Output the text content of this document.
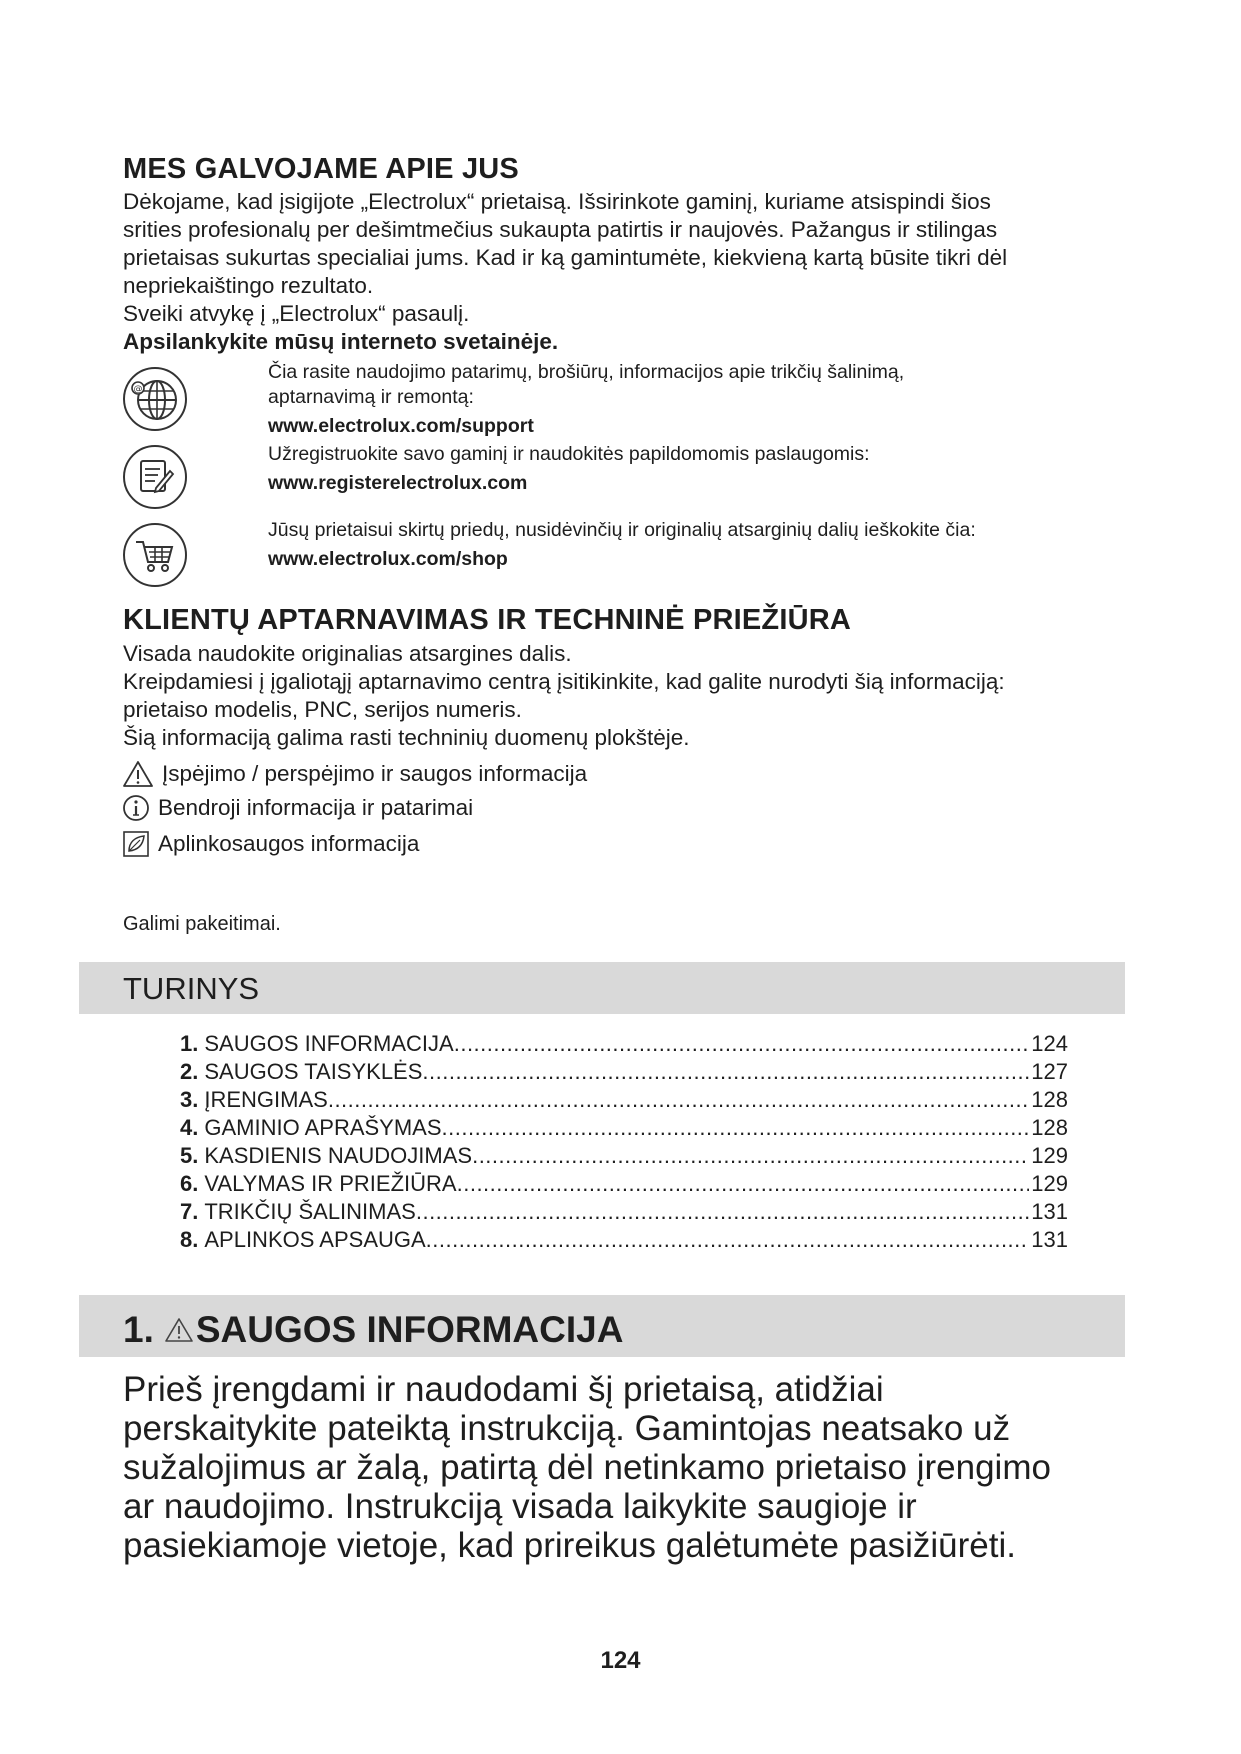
MES GALVOJAME APIE JUS

Dėkojame, kad įsigijote „Electrolux“ prietaisą. Išsirinkote gaminį, kuriame atsispindi šios

srities profesionalų per dešimtmečius sukaupta patirtis ir naujovės. Pažangus ir stilingas

prietaisas sukurtas specialiai jums. Kad ir ką gamintumėte, kiekvieną kartą būsite tikri dėl

nepriekaištingo rezultato.

Sveiki atvykę į „Electrolux“ pasaulį.

Apsilankykite mūsų interneto svetainėje.

@

Čia rasite naudojimo patarimų, brošiūrų, informacijos apie trikčių šalinimą,

aptarnavimą ir remontą:

www.electrolux.com/support

Užregistruokite savo gaminį ir naudokitės papildomomis paslaugomis:

www.registerelectrolux.com

Jūsų prietaisui skirtų priedų, nusidėvinčių ir originalių atsarginių dalių ieškokite čia:

www.electrolux.com/shop

KLIENTŲ APTARNAVIMAS IR TECHNINĖ PRIEŽIŪRA

Visada naudokite originalias atsargines dalis.

Kreipdamiesi į įgaliotąjį aptarnavimo centrą įsitikinkite, kad galite nurodyti šią informaciją:

prietaiso modelis, PNC, serijos numeris.

Šią informaciją galima rasti techninių duomenų plokštėje.

Įspėjimo / perspėjimo ir saugos informacija
Bendroji informacija ir patarimai
Aplinkosaugos informacija

Galimi pakeitimai.

TURINYS
1. SAUGOS INFORMACIJA .....	124
2. SAUGOS TAISYKLĖS .....	127
3. ĮRENGIMAS .....	128
4. GAMINIO APRAŠYMAS .....	128
5. KASDIENIS NAUDOJIMAS .....	129
6. VALYMAS IR PRIEŽIŪRA .....	129
7. TRIKČIŲ ŠALINIMAS .....	131
8. APLINKOS APSAUGA .....	131
1. SAUGOS INFORMACIJA

Prieš įrengdami ir naudodami šį prietaisą, atidžiai

perskaitykite pateiktą instrukciją. Gamintojas neatsako už

sužalojimus ar žalą, patirtą dėl netinkamo prietaiso įrengimo

ar naudojimo. Instrukciją visada laikykite saugioje ir

pasiekiamoje vietoje, kad prireikus galėtumėte pasižiūrėti.

124
